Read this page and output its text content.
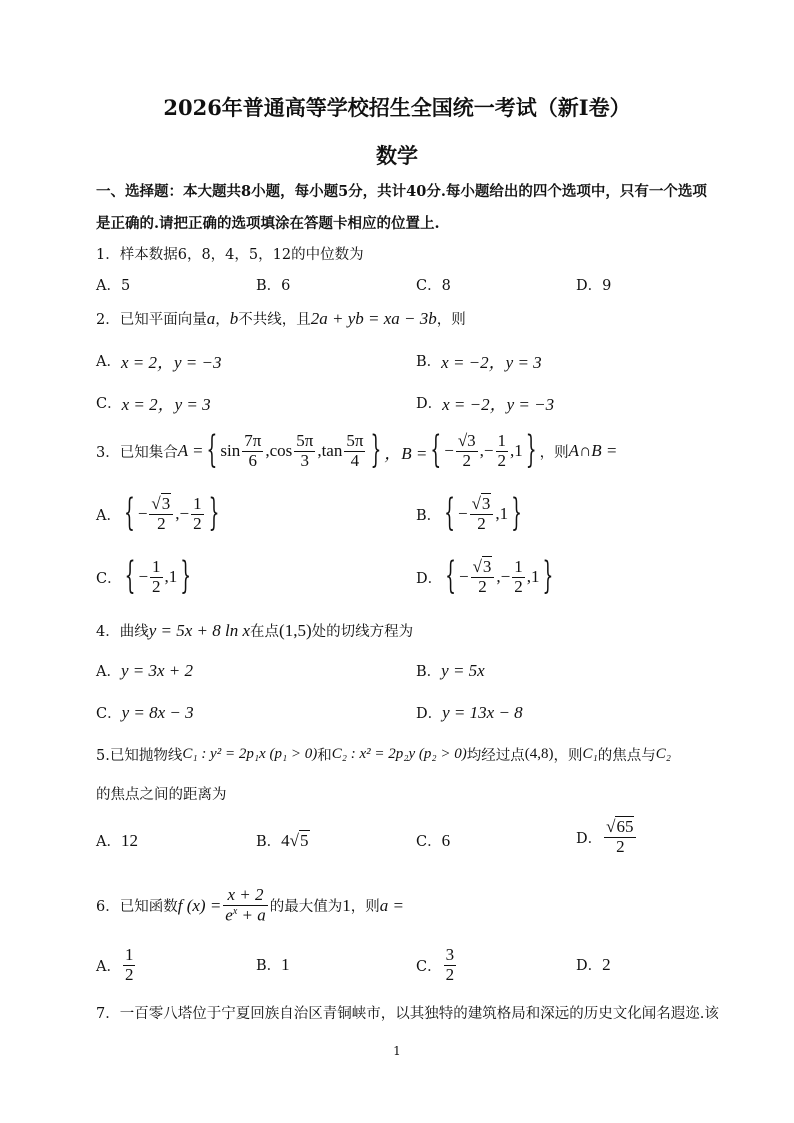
2026年普通高等学校招生全国统一考试（新I卷）
数学
一、选择题：本大题共8小题，每小题5分，共计40分.每小题给出的四个选项中，只有一个选项
是正确的.请把正确的选项填涂在答题卡相应的位置上.
1．样本数据6，8，4，5，12的中位数为
A．5	B．6	C．8	D．9
2．已知平面向量 a ， b 不共线，且 2a + yb = xa − 3b ，则
A． x = 2，y = −3	B． x = −2，y = 3
C． x = 2，y = 3	D． x = −2，y = −3
3．已知集合 A = { $\sin \frac{7\pi}{6} ,\cos \frac{5\pi}{3} ,\tan \frac{5\pi}{4}$ } ，B = { − $\frac{√3}{2}$ ,− $\frac{1}{2} ,1$ } ，则 A∩B =
A． { − $\frac{√3}{2}$ ,− $\frac{1}{2}$ }	B． { − $\frac{√3}{2} ,1$ }
C． { − $\frac{1}{2} ,1$ }	D． { − $\frac{√3}{2}$ ,− $\frac{1}{2} ,1$ }
4．曲线 y = 5x + 8 ln x 在点 (1,5) 处的切线方程为
A． y = 3x + 2	B． y = 5x
C． y = 8x − 3	D． y = 13x − 8
5.已知抛物线 C₁ : y² = 2p₁x (p₁ > 0) 和 C₂ : x² = 2p₂y (p₂ > 0) 均经过点 (4,8) ，则 C₁ 的焦点与 C₂
的焦点之间的距离为
A． 12	B． 4 √5	C． 6	D． $\frac{√65}{2}$
6．已知函数 f $(x) = \frac{x + 2}{e^x + a}$ 的最大值为 1 ，则 a =
A． $\frac{1}{2}$	B． 1	C． $\frac{3}{2}$	D． 2
7．一百零八塔位于宁夏回族自治区青铜峡市，以其独特的建筑格局和深远的历史文化闻名遐迩.该
1
